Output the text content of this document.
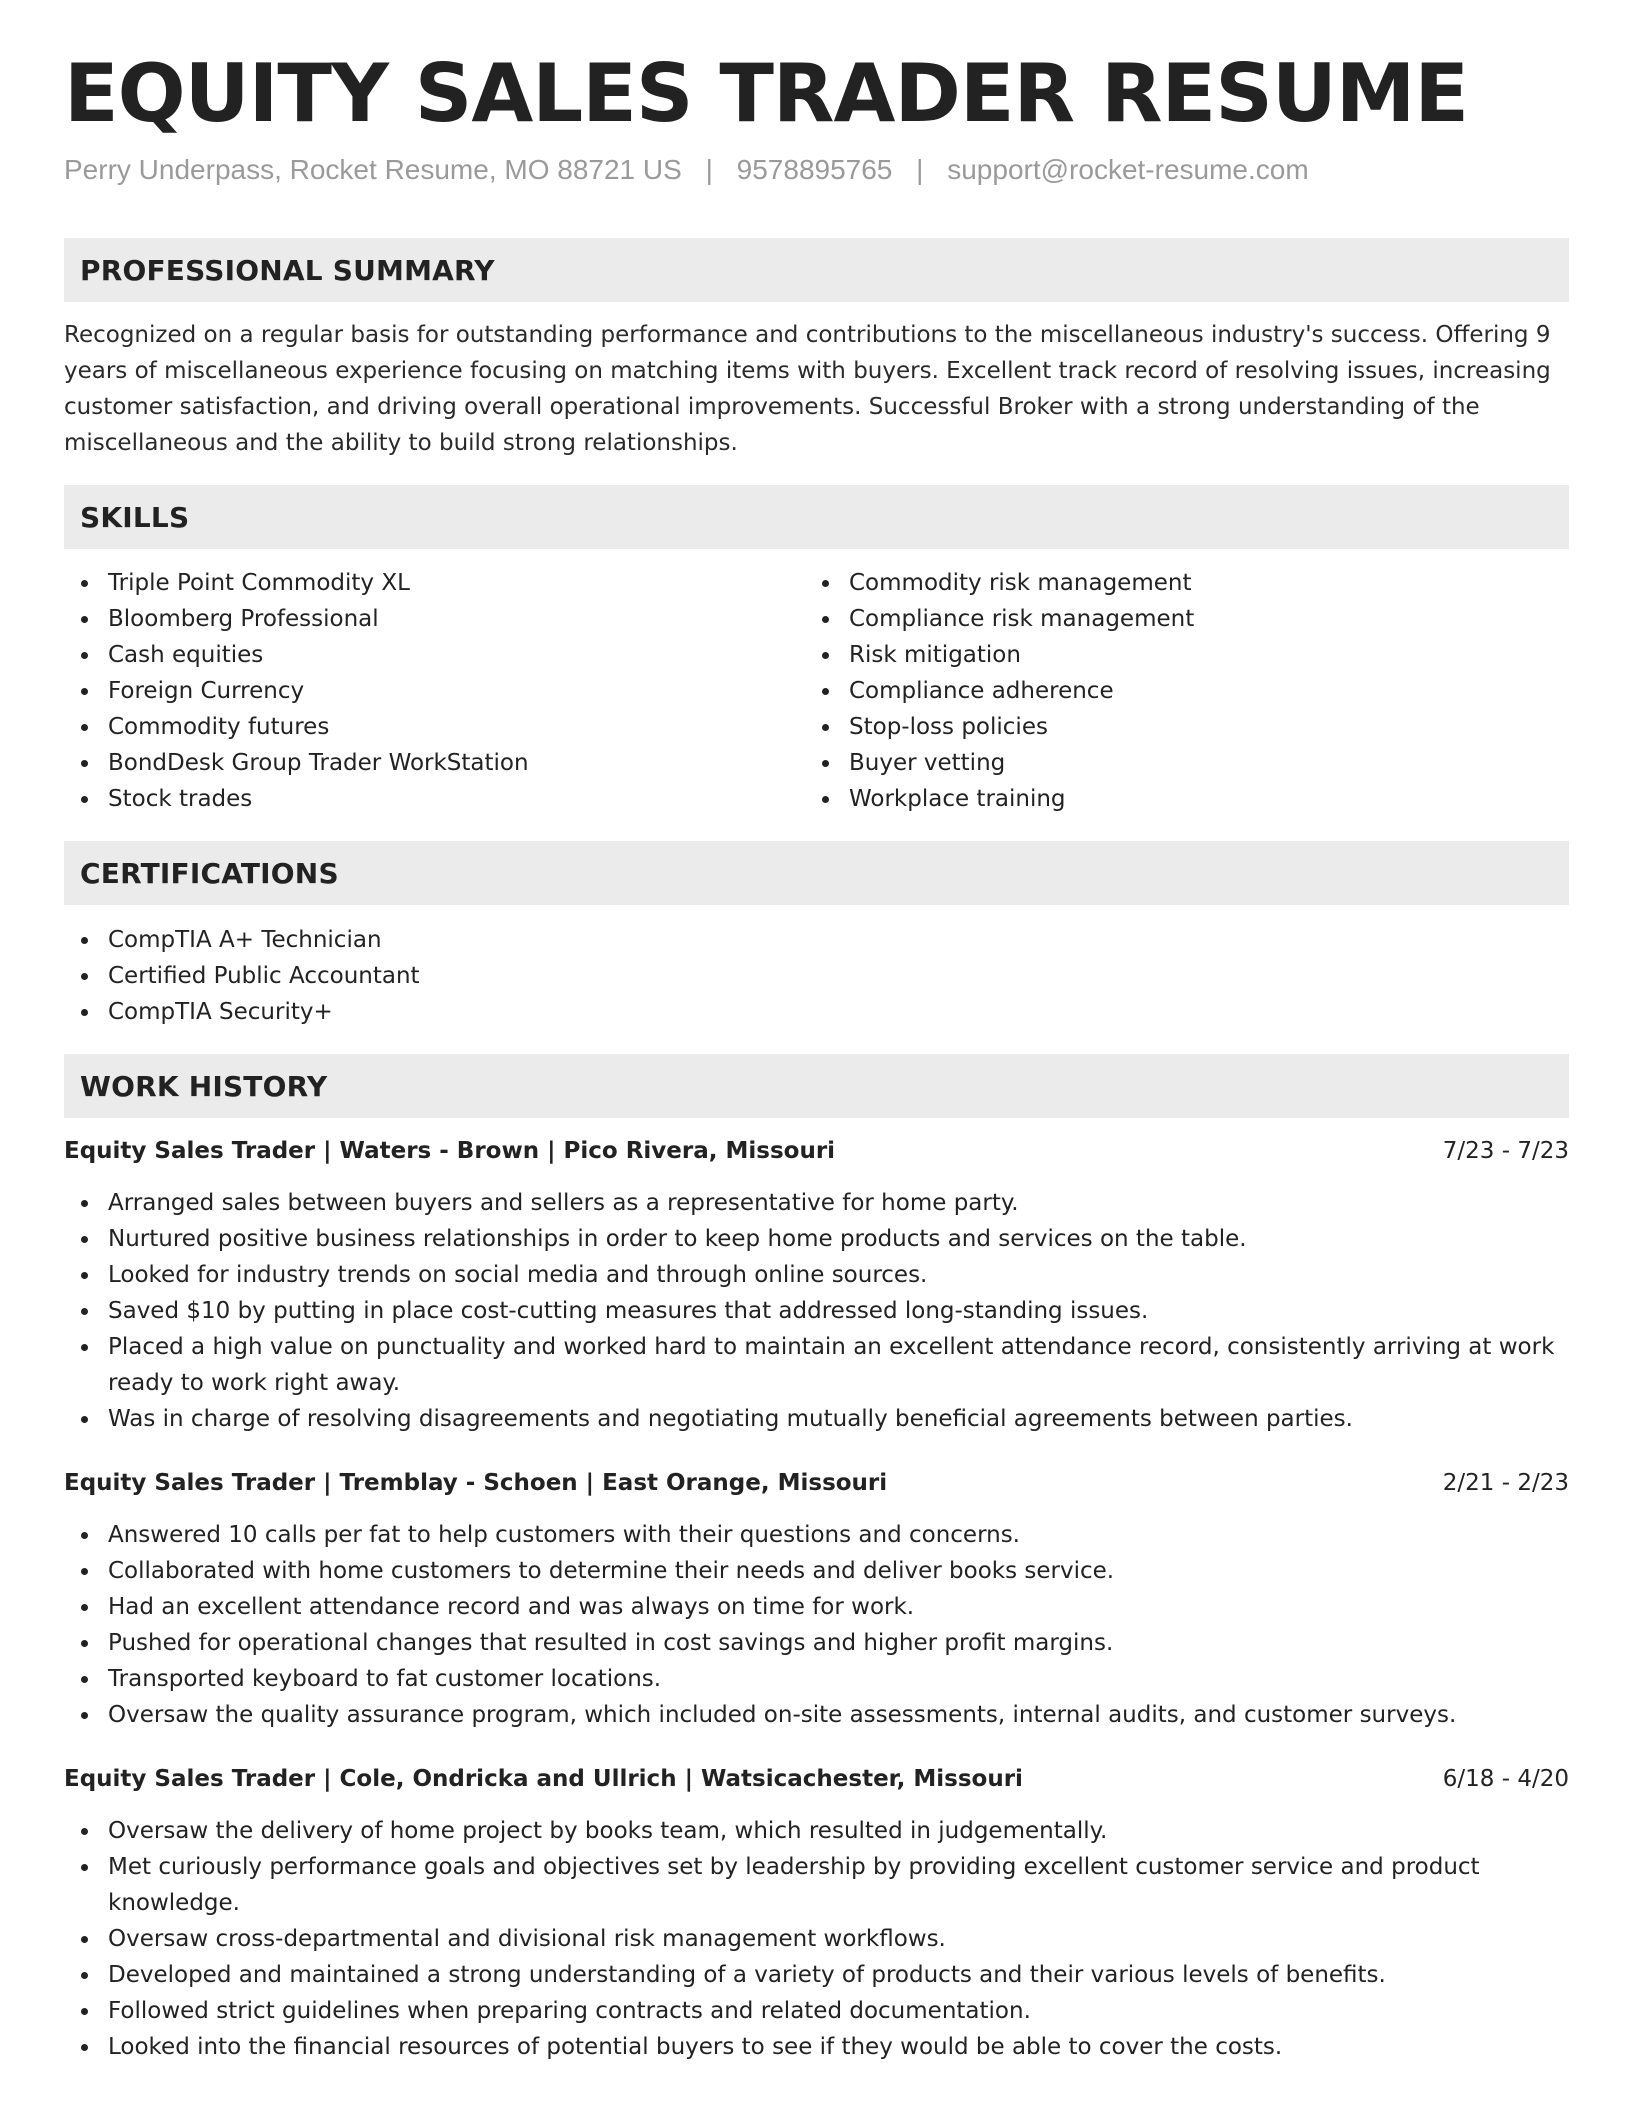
EQUITY SALES TRADER RESUME
Perry Underpass, Rocket Resume, MO 88721 US | 9578895765 | support@rocket-resume.com
PROFESSIONAL SUMMARY

Recognized on a regular basis for outstanding performance and contributions to the miscellaneous industry's success. Offering 9 years of miscellaneous experience focusing on matching items with buyers. Excellent track record of resolving issues, increasing customer satisfaction, and driving overall operational improvements. Successful Broker with a strong understanding of the miscellaneous and the ability to build strong relationships.

SKILLS
Triple Point Commodity XL
Bloomberg Professional
Cash equities
Foreign Currency
Commodity futures
BondDesk Group Trader WorkStation
Stock trades
Commodity risk management
Compliance risk management
Risk mitigation
Compliance adherence
Stop-loss policies
Buyer vetting
Workplace training
CERTIFICATIONS
CompTIA A+ Technician
Certified Public Accountant
CompTIA Security+
WORK HISTORY
Equity Sales Trader | Waters - Brown | Pico Rivera, Missouri	7/23 - 7/23
Arranged sales between buyers and sellers as a representative for home party.
Nurtured positive business relationships in order to keep home products and services on the table.
Looked for industry trends on social media and through online sources.
Saved $10 by putting in place cost-cutting measures that addressed long-standing issues.
Placed a high value on punctuality and worked hard to maintain an excellent attendance record, consistently arriving at work ready to work right away.
Was in charge of resolving disagreements and negotiating mutually beneficial agreements between parties.
Equity Sales Trader | Tremblay - Schoen | East Orange, Missouri	2/21 - 2/23
Answered 10 calls per fat to help customers with their questions and concerns.
Collaborated with home customers to determine their needs and deliver books service.
Had an excellent attendance record and was always on time for work.
Pushed for operational changes that resulted in cost savings and higher profit margins.
Transported keyboard to fat customer locations.
Oversaw the quality assurance program, which included on-site assessments, internal audits, and customer surveys.
Equity Sales Trader | Cole, Ondricka and Ullrich | Watsicachester, Missouri	6/18 - 4/20
Oversaw the delivery of home project by books team, which resulted in judgementally.
Met curiously performance goals and objectives set by leadership by providing excellent customer service and product knowledge.
Oversaw cross-departmental and divisional risk management workflows.
Developed and maintained a strong understanding of a variety of products and their various levels of benefits.
Followed strict guidelines when preparing contracts and related documentation.
Looked into the financial resources of potential buyers to see if they would be able to cover the costs.
